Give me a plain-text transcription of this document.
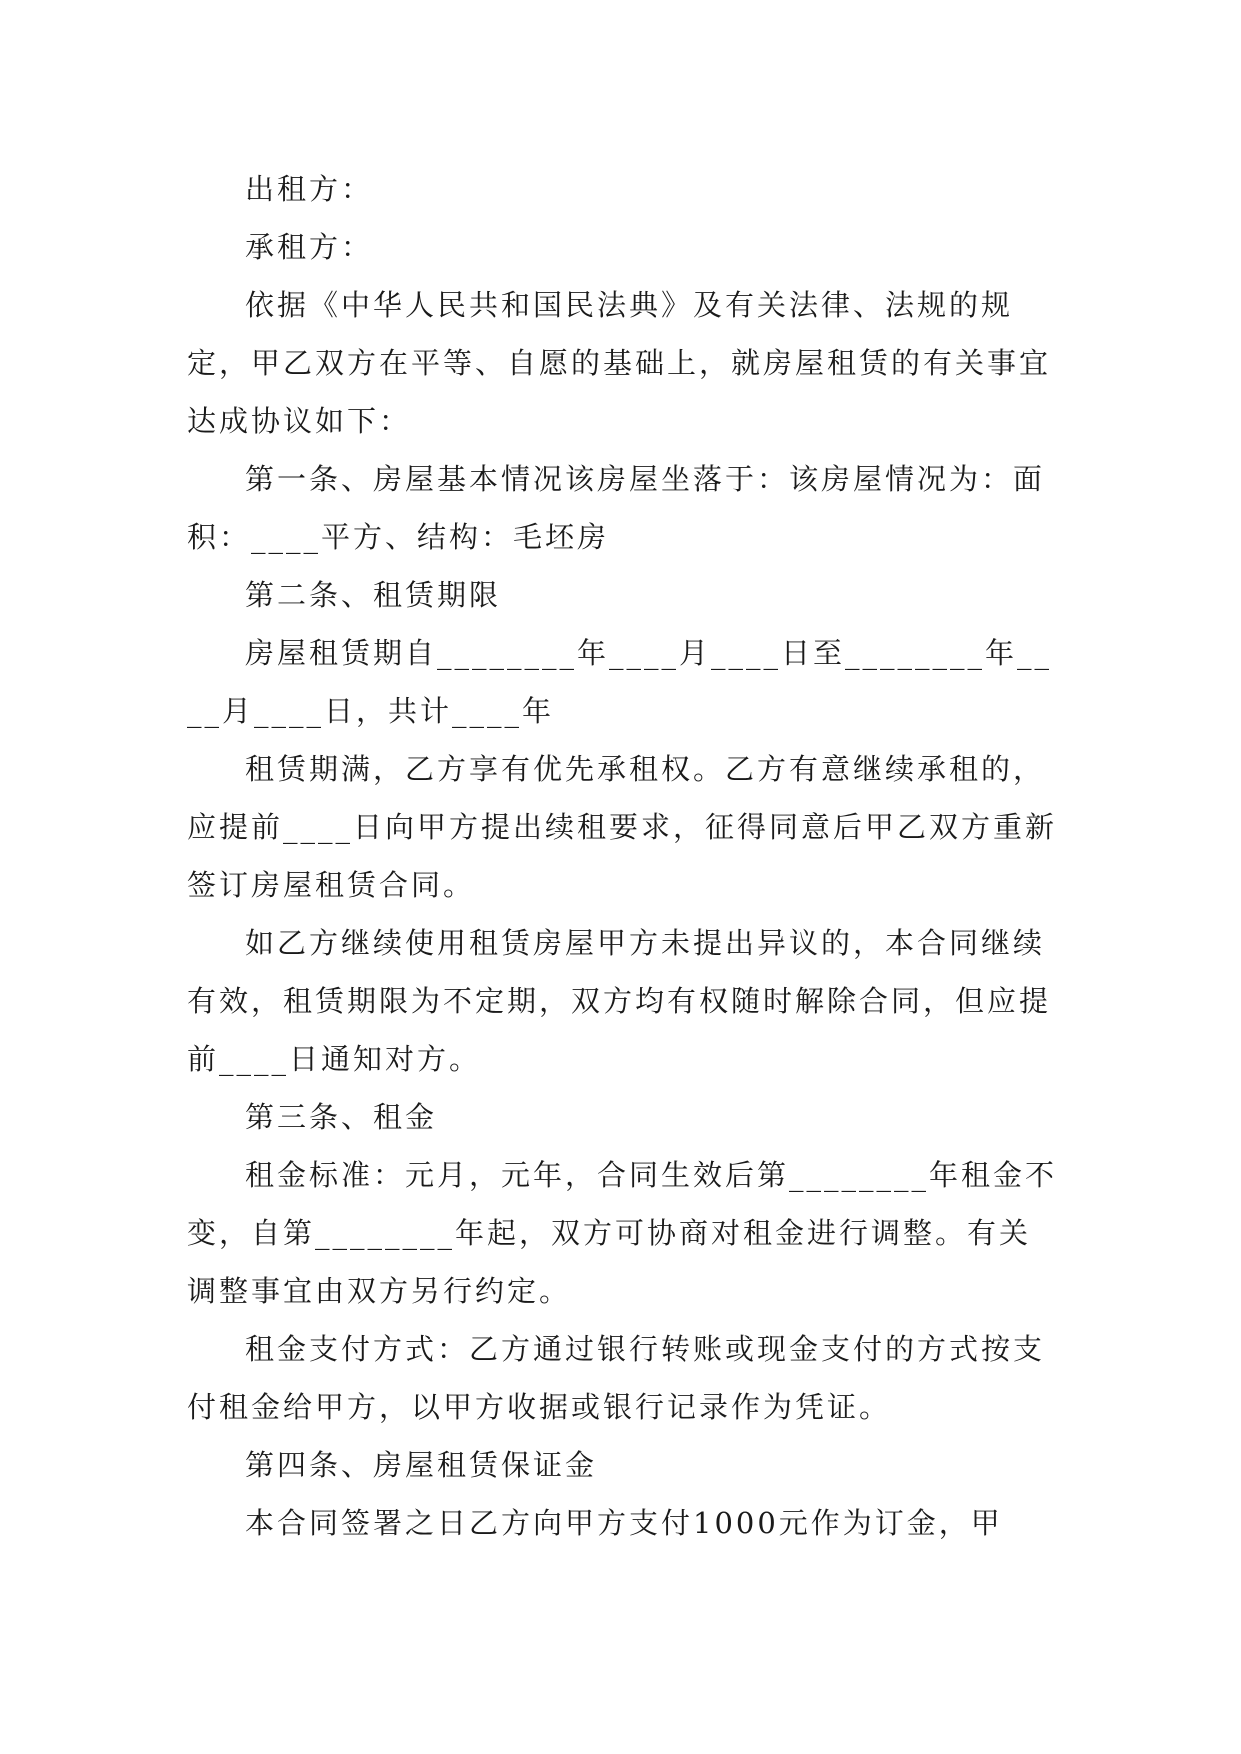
出租方：

承租方：

依据《中华人民共和国民法典》及有关法律、法规的规定，甲乙双方在平等、自愿的基础上，就房屋租赁的有关事宜达成协议如下：

第一条、房屋基本情况该房屋坐落于：该房屋情况为：面积：____平方、结构：毛坯房

第二条、租赁期限

房屋租赁期自________年____月____日至________年____月____日，共计____年

租赁期满，乙方享有优先承租权。乙方有意继续承租的，应提前____日向甲方提出续租要求，征得同意后甲乙双方重新签订房屋租赁合同。

如乙方继续使用租赁房屋甲方未提出异议的，本合同继续有效，租赁期限为不定期，双方均有权随时解除合同，但应提前____日通知对方。

第三条、租金

租金标准：元月，元年，合同生效后第________年租金不变，自第________年起，双方可协商对租金进行调整。有关调整事宜由双方另行约定。

租金支付方式：乙方通过银行转账或现金支付的方式按支付租金给甲方，以甲方收据或银行记录作为凭证。

第四条、房屋租赁保证金

本合同签署之日乙方向甲方支付1000元作为订金，甲
